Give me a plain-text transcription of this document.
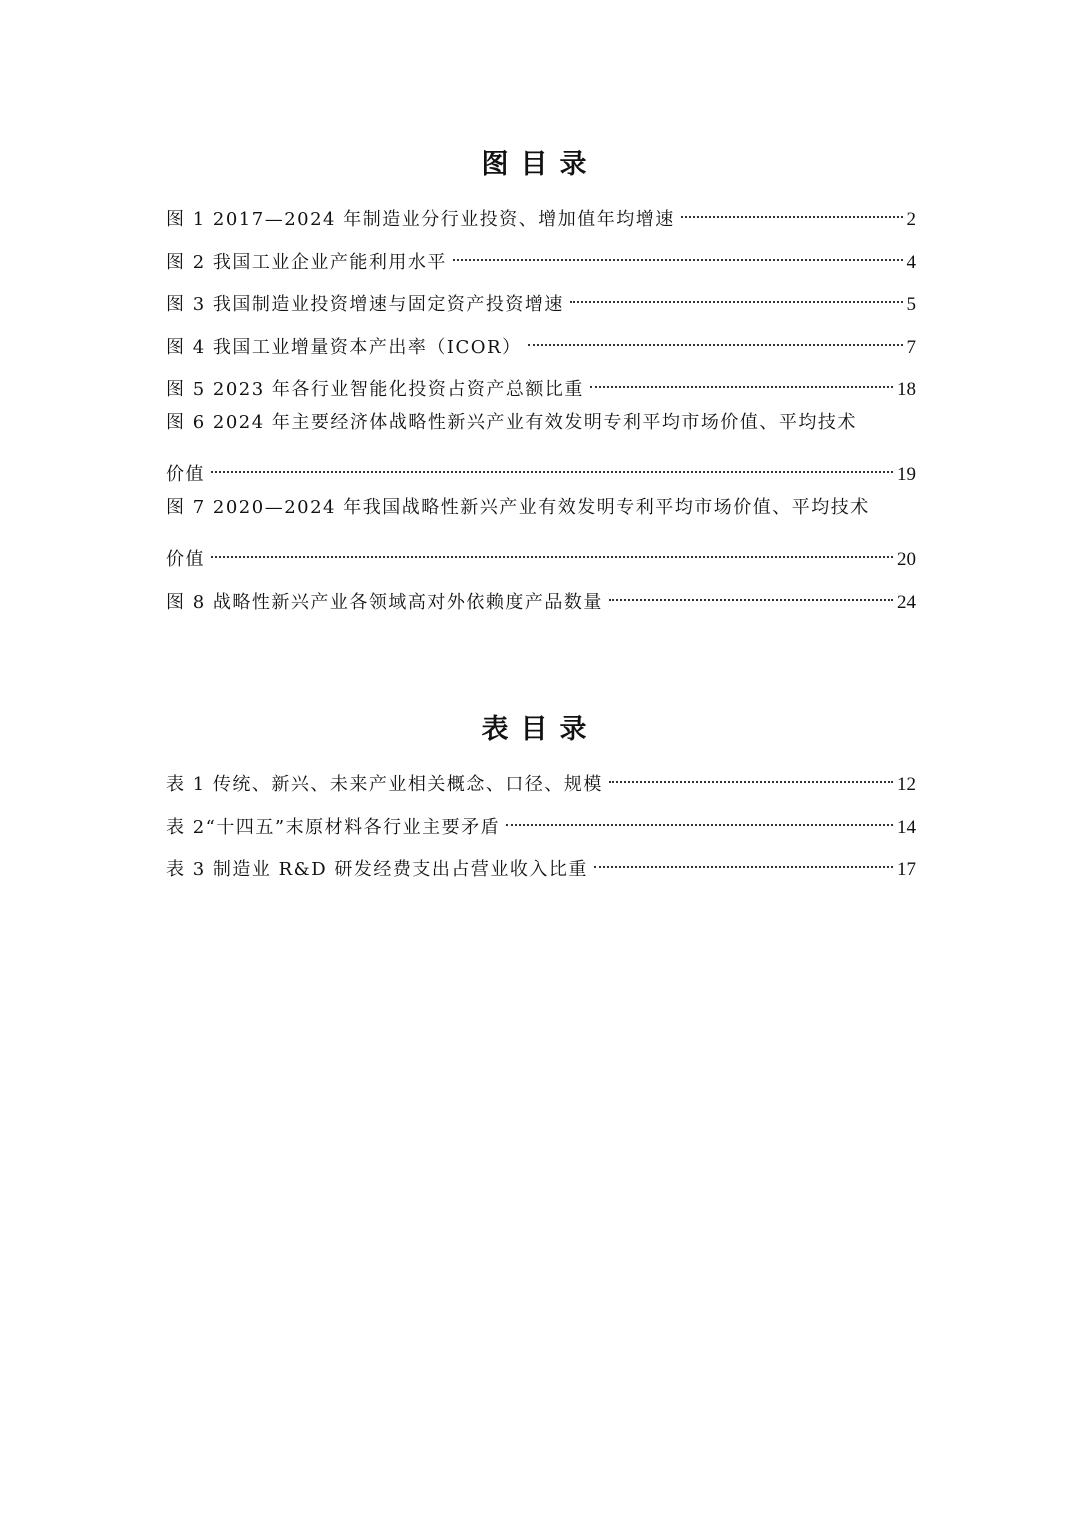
图目录
图 1 2017—2024 年制造业分行业投资、增加值年均增速	2
图 2 我国工业企业产能利用水平	4
图 3 我国制造业投资增速与固定资产投资增速	5
图 4 我国工业增量资本产出率（ICOR）	7
图 5 2023 年各行业智能化投资占资产总额比重	18
图 6 2024 年主要经济体战略性新兴产业有效发明专利平均市场价值、平均技术
价值	19
图 7 2020—2024 年我国战略性新兴产业有效发明专利平均市场价值、平均技术
价值	20
图 8 战略性新兴产业各领域高对外依赖度产品数量	24
表目录
表 1 传统、新兴、未来产业相关概念、口径、规模	12
表 2“十四五”末原材料各行业主要矛盾	14
表 3 制造业 R&D 研发经费支出占营业收入比重	17
